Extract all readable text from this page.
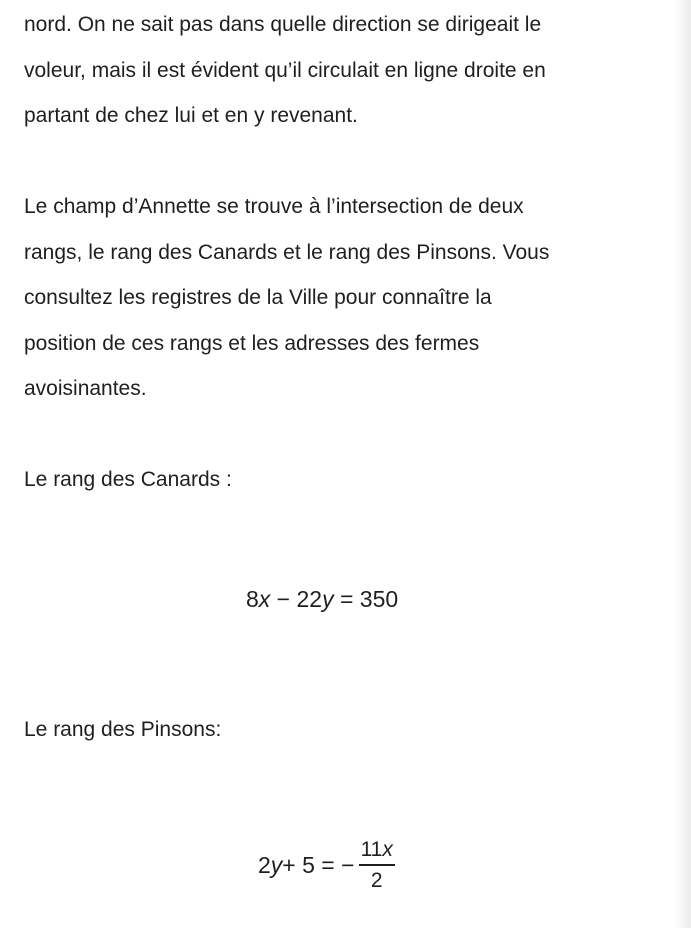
nord. On ne sait pas dans quelle direction se dirigeait le
voleur, mais il est évident qu’il circulait en ligne droite en
partant de chez lui et en y revenant.
Le champ d’Annette se trouve à l’intersection de deux
rangs, le rang des Canards et le rang des Pinsons. Vous
consultez les registres de la Ville pour connaître la
position de ces rangs et les adresses des fermes
avoisinantes.
Le rang des Canards :
Le rang des Pinsons:
8x − 22y = 350
2 y + 5 = − $\frac{11x}{2}$
